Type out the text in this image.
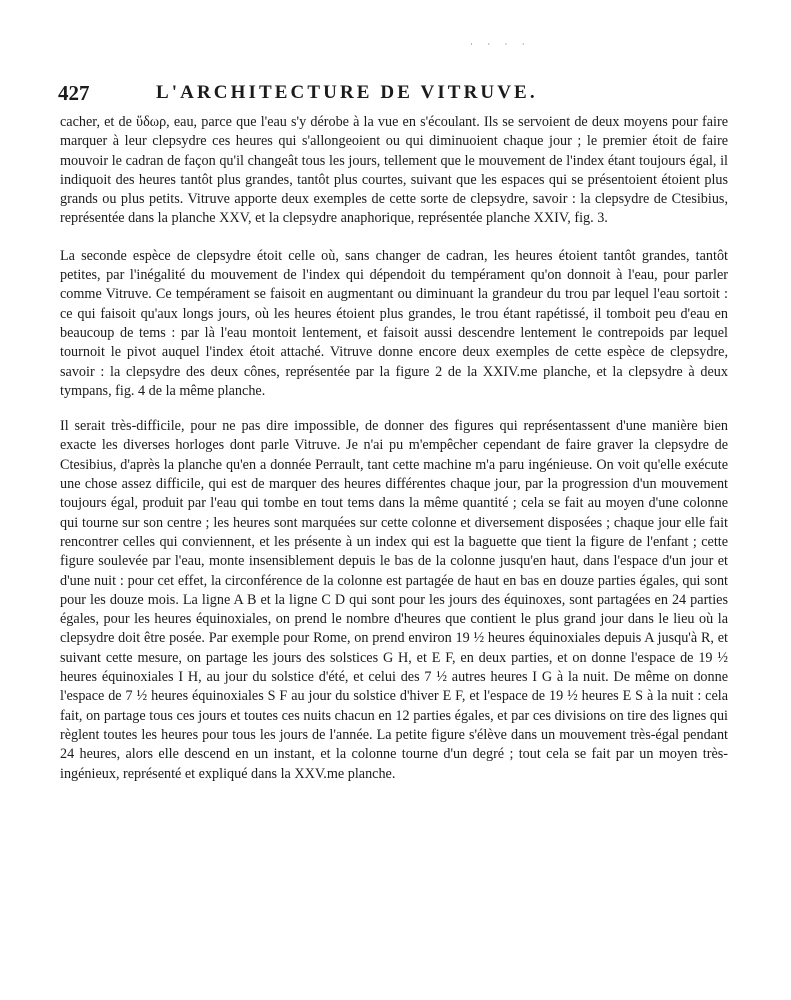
· · · ·
427	L'ARCHITECTURE DE VITRUVE.

cacher, et de ὕδωρ, eau, parce que l'eau s'y dérobe à la vue en s'écoulant. Ils se servoient de deux moyens pour faire marquer à leur clepsydre ces heures qui s'allongeoient ou qui diminuoient chaque jour ; le premier étoit de faire mouvoir le cadran de façon qu'il changeât tous les jours, tellement que le mouvement de l'index étant toujours égal, il indiquoit des heures tantôt plus grandes, tantôt plus courtes, suivant que les espaces qui se présentoient étoient plus grands ou plus petits. Vitruve apporte deux exemples de cette sorte de clepsydre, savoir : la clepsydre de Ctesibius, représentée dans la planche XXV, et la clepsydre anaphorique, représentée planche XXIV, fig. 3.

La seconde espèce de clepsydre étoit celle où, sans changer de cadran, les heures étoient tantôt grandes, tantôt petites, par l'inégalité du mouvement de l'index qui dépendoit du tempérament qu'on donnoit à l'eau, pour parler comme Vitruve. Ce tempérament se faisoit en augmentant ou diminuant la grandeur du trou par lequel l'eau sortoit : ce qui faisoit qu'aux longs jours, où les heures étoient plus grandes, le trou étant rapétissé, il tomboit peu d'eau en beaucoup de tems : par là l'eau montoit lentement, et faisoit aussi descendre lentement le contrepoids par lequel tournoit le pivot auquel l'index étoit attaché. Vitruve donne encore deux exemples de cette espèce de clepsydre, savoir : la clepsydre des deux cônes, représentée par la figure 2 de la XXIV.me planche, et la clepsydre à deux tympans, fig. 4 de la même planche.

Il serait très-difficile, pour ne pas dire impossible, de donner des figures qui représentassent d'une manière bien exacte les diverses horloges dont parle Vitruve. Je n'ai pu m'empêcher cependant de faire graver la clepsydre de Ctesibius, d'après la planche qu'en a donnée Perrault, tant cette machine m'a paru ingénieuse. On voit qu'elle exécute une chose assez difficile, qui est de marquer des heures différentes chaque jour, par la progression d'un mouvement toujours égal, produit par l'eau qui tombe en tout tems dans la même quantité ; cela se fait au moyen d'une colonne qui tourne sur son centre ; les heures sont marquées sur cette colonne et diversement disposées ; chaque jour elle fait rencontrer celles qui conviennent, et les présente à un index qui est la baguette que tient la figure de l'enfant ; cette figure soulevée par l'eau, monte insensiblement depuis le bas de la colonne jusqu'en haut, dans l'espace d'un jour et d'une nuit : pour cet effet, la circonférence de la colonne est partagée de haut en bas en douze parties égales, qui sont pour les douze mois. La ligne A B et la ligne C D qui sont pour les jours des équinoxes, sont partagées en 24 parties égales, pour les heures équinoxiales, on prend le nombre d'heures que contient le plus grand jour dans le lieu où la clepsydre doit être posée. Par exemple pour Rome, on prend environ 19 ½ heures équinoxiales depuis A jusqu'à R, et suivant cette mesure, on partage les jours des solstices G H, et E F, en deux parties, et on donne l'espace de 19 ½ heures équinoxiales I H, au jour du solstice d'été, et celui des 7 ½ autres heures I G à la nuit. De même on donne l'espace de 7 ½ heures équinoxiales S F au jour du solstice d'hiver E F, et l'espace de 19 ½ heures E S à la nuit : cela fait, on partage tous ces jours et toutes ces nuits chacun en 12 parties égales, et par ces divisions on tire des lignes qui règlent toutes les heures pour tous les jours de l'année. La petite figure s'élève dans un mouvement très-égal pendant 24 heures, alors elle descend en un instant, et la colonne tourne d'un degré ; tout cela se fait par un moyen très-ingénieux, représenté et expliqué dans la XXV.me planche.
